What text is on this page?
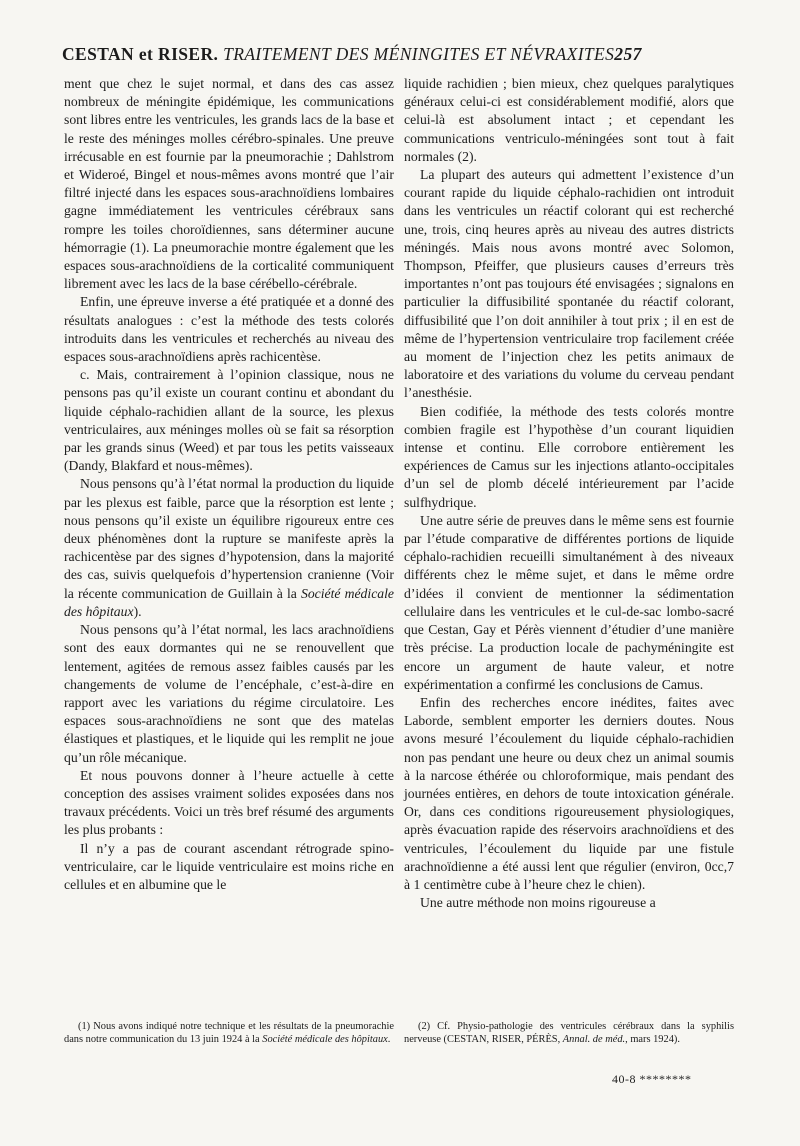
CESTAN et RISER. TRAITEMENT DES MÉNINGITES ET NÉVRAXITES257

ment que chez le sujet normal, et dans des cas assez nombreux de méningite épidémique, les communications sont libres entre les ventricules, les grands lacs de la base et le reste des méninges molles cérébro-spinales. Une preuve irrécusable en est fournie par la pneumorachie ; Dahlstrom et Wideroé, Bingel et nous-mêmes avons montré que l’air filtré injecté dans les espaces sous-arachnoïdiens lombaires gagne immédiatement les ventricules cérébraux sans rompre les toiles choroïdiennes, sans déterminer aucune hémorragie (1). La pneumorachie montre également que les espaces sous-arachnoïdiens de la corticalité communiquent librement avec les lacs de la base cérébello-cérébrale.

Enfin, une épreuve inverse a été pratiquée et a donné des résultats analogues : c’est la méthode des tests colorés introduits dans les ventricules et recherchés au niveau des espaces sous-arachnoïdiens après rachicentèse.

c. Mais, contrairement à l’opinion classique, nous ne pensons pas qu’il existe un courant continu et abondant du liquide céphalo-rachidien allant de la source, les plexus ventriculaires, aux méninges molles où se fait sa résorption par les grands sinus (Weed) et par tous les petits vaisseaux (Dandy, Blakfard et nous-mêmes).

Nous pensons qu’à l’état normal la production du liquide par les plexus est faible, parce que la résorption est lente ; nous pensons qu’il existe un équilibre rigoureux entre ces deux phénomènes dont la rupture se manifeste après la rachicentèse par des signes d’hypotension, dans la majorité des cas, suivis quelquefois d’hypertension cranienne (Voir la récente communication de Guillain à la Société médicale des hôpitaux).

Nous pensons qu’à l’état normal, les lacs arachnoïdiens sont des eaux dormantes qui ne se renouvellent que lentement, agitées de remous assez faibles causés par les changements de volume de l’encéphale, c’est-à-dire en rapport avec les variations du régime circulatoire. Les espaces sous-arachnoïdiens ne sont que des matelas élastiques et plastiques, et le liquide qui les remplit ne joue qu’un rôle mécanique.

Et nous pouvons donner à l’heure actuelle à cette conception des assises vraiment solides exposées dans nos travaux précédents. Voici un très bref résumé des arguments les plus probants :

Il n’y a pas de courant ascendant rétrograde spino-ventriculaire, car le liquide ventriculaire est moins riche en cellules et en albumine que le

liquide rachidien ; bien mieux, chez quelques paralytiques généraux celui-ci est considérablement modifié, alors que celui-là est absolument intact ; et cependant les communications ventriculo-méningées sont tout à fait normales (2).

La plupart des auteurs qui admettent l’existence d’un courant rapide du liquide céphalo-rachidien ont introduit dans les ventricules un réactif colorant qui est recherché une, trois, cinq heures après au niveau des autres districts méningés. Mais nous avons montré avec Solomon, Thompson, Pfeiffer, que plusieurs causes d’erreurs très importantes n’ont pas toujours été envisagées ; signalons en particulier la diffusibilité spontanée du réactif colorant, diffusibilité que l’on doit annihiler à tout prix ; il en est de même de l’hypertension ventriculaire trop facilement créée au moment de l’injection chez les petits animaux de laboratoire et des variations du volume du cerveau pendant l’anesthésie.

Bien codifiée, la méthode des tests colorés montre combien fragile est l’hypothèse d’un courant liquidien intense et continu. Elle corrobore entièrement les expériences de Camus sur les injections atlanto-occipitales d’un sel de plomb décelé intérieurement par l’acide sulfhydrique.

Une autre série de preuves dans le même sens est fournie par l’étude comparative de différentes portions de liquide céphalo-rachidien recueilli simultanément à des niveaux différents chez le même sujet, et dans le même ordre d’idées il convient de mentionner la sédimentation cellulaire dans les ventricules et le cul-de-sac lombo-sacré que Cestan, Gay et Pérès viennent d’étudier d’une manière très précise. La production locale de pachyméningite est encore un argument de haute valeur, et notre expérimentation a confirmé les conclusions de Camus.

Enfin des recherches encore inédites, faites avec Laborde, semblent emporter les derniers doutes. Nous avons mesuré l’écoulement du liquide céphalo-rachidien non pas pendant une heure ou deux chez un animal soumis à la narcose éthérée ou chloroformique, mais pendant des journées entières, en dehors de toute intoxication générale. Or, dans ces conditions rigoureusement physiologiques, après évacuation rapide des réservoirs arachnoïdiens et des ventricules, l’écoulement du liquide par une fistule arachnoïdienne a été aussi lent que régulier (environ, 0cc,7 à 1 centimètre cube à l’heure chez le chien).

Une autre méthode non moins rigoureuse a

(1) Nous avons indiqué notre technique et les résultats de la pneumorachie dans notre communication du 13 juin 1924 à la Société médicale des hôpitaux.

(2) Cf. Physio-pathologie des ventricules cérébraux dans la syphilis nerveuse (CESTAN, RISER, PÉRÈS, Annal. de méd., mars 1924).

40-8 ********
